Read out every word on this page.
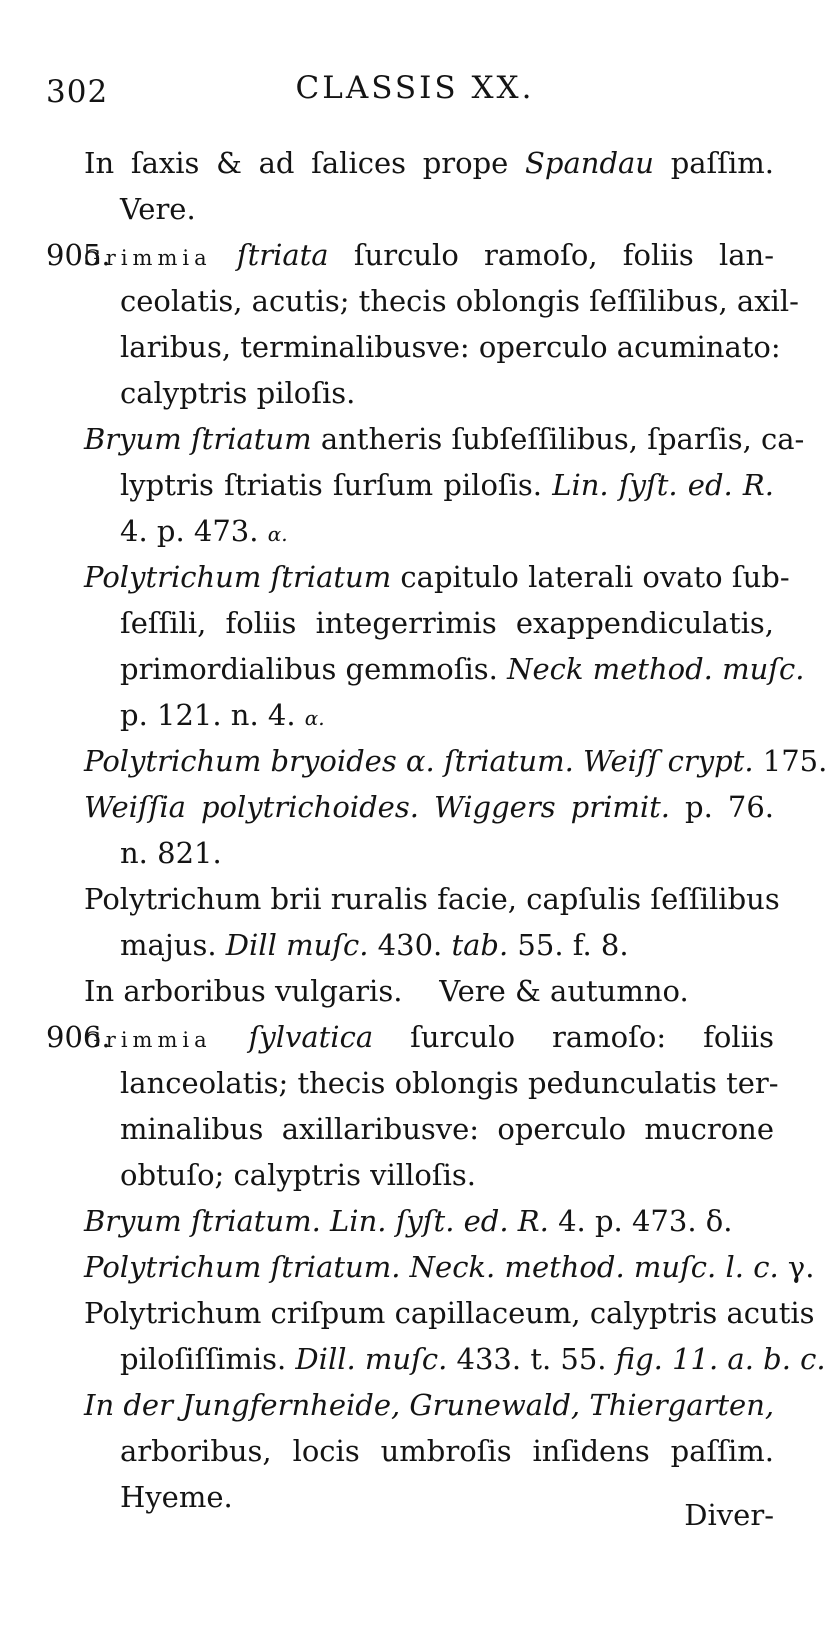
302	CLASSIS XX.
In ſaxis & ad ſalices prope Spandau paſſim.
Vere.
905.
Grimmia ſtriata ſurculo ramoſo, foliis lan-
ceolatis, acutis; thecis oblongis ſeſſilibus, axil-
laribus, terminalibusve: operculo acuminato:
calyptris piloſis.
Bryum ſtriatum antheris ſubſeſſilibus, ſparſis, ca-
lyptris ſtriatis ſurſum piloſis. Lin. ſyſt. ed. R.
4. p. 473. α.
Polytrichum ſtriatum capitulo laterali ovato ſub-
ſeſſili, foliis integerrimis exappendiculatis,
primordialibus gemmoſis. Neck method. muſc.
p. 121. n. 4. α.
Polytrichum bryoides α. ſtriatum. Weiſſ crypt. 175.
Weiſſia polytrichoides. Wiggers primit. p. 76.
n. 821.
Polytrichum brii ruralis facie, capſulis ſeſſilibus
majus. Dill muſc. 430. tab. 55. f. 8.
In arboribus vulgaris.    Vere & autumno.
906.
Grimmia ſylvatica ſurculo ramoſo: foliis
lanceolatis; thecis oblongis pedunculatis ter-
minalibus axillaribusve: operculo mucrone
obtuſo; calyptris villoſis.
Bryum ſtriatum. Lin. ſyſt. ed. R. 4. p. 473. δ.
Polytrichum ſtriatum. Neck. method. muſc. l. c. γ.
Polytrichum criſpum capillaceum, calyptris acutis
piloſiſſimis. Dill. muſc. 433. t. 55. fig. 11. a. b. c.
In der Jungfernheide, Grunewald, Thiergarten,
arboribus, locis umbroſis inſidens paſſim.
Hyeme.
Diver-
